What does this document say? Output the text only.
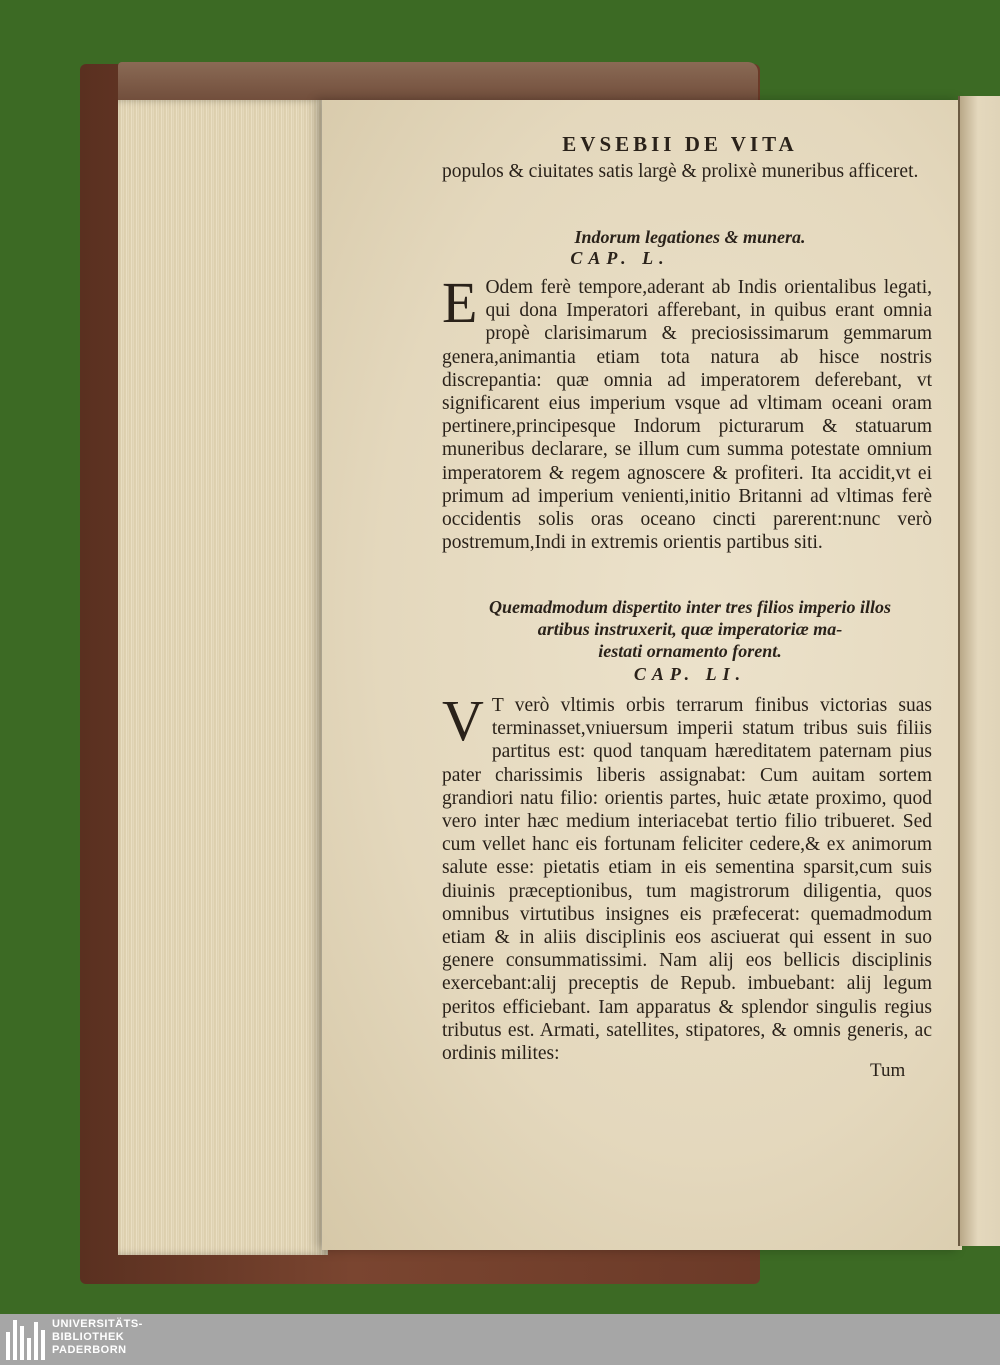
EVSEBII DE VITA
populos & ciuitates satis largè & prolixè muneribus afficeret.
Indorum legationes & munera.
CAP. L.
E Odem ferè tempore,aderant ab Indis orientalibus legati, qui dona Imperatori afferebant, in quibus erant omnia propè clarisimarum & preciosissimarum gemmarum genera,animantia etiam tota natura ab hisce nostris discrepantia: quæ omnia ad imperatorem deferebant, vt significarent eius imperium vsque ad vltimam oceani oram pertinere,principesque Indorum picturarum & statuarum muneribus declarare, se illum cum summa potestate omnium imperatorem & regem agnoscere & profiteri. Ita accidit,vt ei primum ad imperium venienti,initio Britanni ad vltimas ferè occidentis solis oras oceano cincti parerent:nunc verò postremum,Indi in extremis orientis partibus siti.
Quemadmodum dispertito inter tres filios imperio illos
artibus instruxerit, quæ imperatoriæ ma-
iestati ornamento forent.
CAP. LI.
V T verò vltimis orbis terrarum finibus victorias suas terminasset,vniuersum imperii statum tribus suis filiis partitus est: quod tanquam hæreditatem paternam pius pater charissimis liberis assignabat: Cum auitam sortem grandiori natu filio: orientis partes, huic ætate proximo, quod vero inter hæc medium interiacebat tertio filio tribueret. Sed cum vellet hanc eis fortunam feliciter cedere,& ex animorum salute esse: pietatis etiam in eis sementina sparsit,cum suis diuinis præceptionibus, tum magistrorum diligentia, quos omnibus virtutibus insignes eis præfecerat: quemadmodum etiam & in aliis disciplinis eos asciuerat qui essent in suo genere consummatissimi. Nam alij eos bellicis disciplinis exercebant:alij preceptis de Repub. imbuebant: alij legum peritos efficiebant. Iam apparatus & splendor singulis regius tributus est. Armati, satellites, stipatores, & omnis generis, ac ordinis milites:
Tum
UNIVERSITÄTS-
BIBLIOTHEK
PADERBORN
